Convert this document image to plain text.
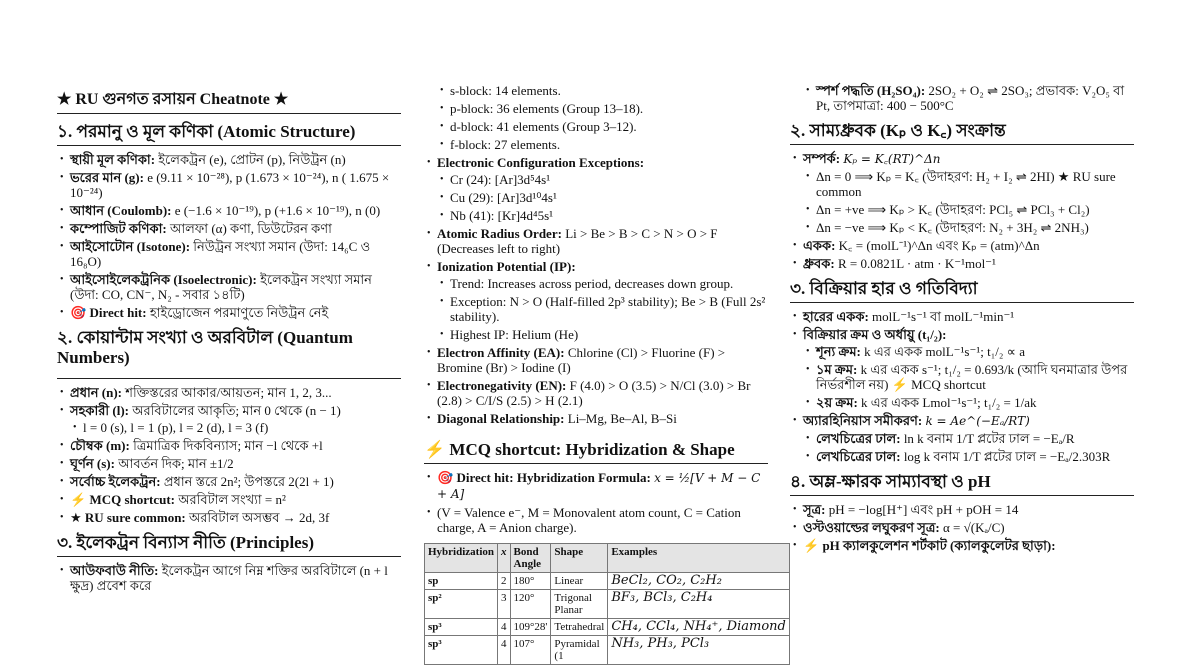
★ RU গুনগত রসায়ন Cheatnote ★
১. পরমানু ও মূল কণিকা (Atomic Structure)
• স্থায়ী মূল কণিকা: ইলেকট্রন (e), প্রোটন (p), নিউট্রন (n)
• ভরের মান (g): e (9.11 × 10⁻²⁸), p (1.673 × 10⁻²⁴), n ( 1.675 × 10⁻²⁴)
• আধান (Coulomb): e (−1.6 × 10⁻¹⁹), p (+1.6 × 10⁻¹⁹), n (0)
• কম্পোজিট কণিকা: আলফা (α) কণা, ডিউটেরন কণা
• আইসোটোন (Isotone): নিউট্রন সংখ্যা সমান (উদা: 14₆C ও 16₈O)
• আইসোইলেকট্রনিক (Isoelectronic): ইলেকট্রন সংখ্যা সমান (উদা: CO, CN⁻, N₂ - সবার ১৪টি)
• 🎯 Direct hit: হাইড্রোজেন পরমাণুতে নিউট্রন নেই
২. কোয়ান্টাম সংখ্যা ও অরবিটাল (Quantum Numbers)
• প্রধান (n): শক্তিস্তরের আকার/আয়তন; মান 1, 2, 3...
• সহকারী (l): অরবিটালের আকৃতি; মান 0 থেকে (n − 1)
• l = 0 (s), l = 1 (p), l = 2 (d), l = 3 (f)
• চৌম্বক (m): ত্রিমাত্রিক দিকবিন্যাস; মান −l থেকে +l
• ঘূর্ণন (s): আবর্তন দিক; মান ±1/2
• সর্বোচ্চ ইলেকট্রন: প্রধান স্তরে 2n²; উপস্তরে 2(2l + 1)
• ⚡ MCQ shortcut: অরবিটাল সংখ্যা = n²
• ★ RU sure common: অরবিটাল অসম্ভব → 2d, 3f
৩. ইলেকট্রন বিন্যাস নীতি (Principles)
• আউফবাউ নীতি: ইলেকট্রন আগে নিম্ন শক্তির অরবিটালে (n + l ক্ষুদ্র) প্রবেশ করে
• s-block: 14 elements.
• p-block: 36 elements (Group 13–18).
• d-block: 41 elements (Group 3–12).
• f-block: 27 elements.
• Electronic Configuration Exceptions:
• Cr (24): [Ar]3d⁵4s¹
• Cu (29): [Ar]3d¹⁰4s¹
• Nb (41): [Kr]4d⁴5s¹
• Atomic Radius Order: Li > Be > B > C > N > O > F (Decreases left to right)
• Ionization Potential (IP):
• Trend: Increases across period, decreases down group.
• Exception: N > O (Half-filled 2p³ stability); Be > B (Full 2s² stability).
• Highest IP: Helium (He)
• Electron Affinity (EA): Chlorine (Cl) > Fluorine (F) > Bromine (Br) > Iodine (I)
• Electronegativity (EN): F (4.0) > O (3.5) > N/Cl (3.0) > Br (2.8) > C/I/S (2.5) > H (2.1)
• Diagonal Relationship: Li–Mg, Be–Al, B–Si
⚡ MCQ shortcut: Hybridization & Shape
• 🎯 Direct hit: Hybridization Formula: x = ½[V + M − C + A]
• (V = Valence e⁻, M = Monovalent atom count, C = Cation charge, A = Anion charge).
Hybridization	x	Bond Angle	Shape	Examples
sp	2	180°	Linear	BeCl₂, CO₂, C₂H₂
sp²	3	120°	Trigonal Planar	BF₃, BCl₃, C₂H₄
sp³	4	109°28'	Tetrahedral	CH₄, CCl₄, NH₄⁺, Diamond
sp³	4	107°	Pyramidal (1	NH₃, PH₃, PCl₃
• স্পর্শ পদ্ধতি (H₂SO₄): 2SO₂ + O₂ ⇌ 2SO₃; প্রভাবক: V₂O₅ বা Pt, তাপমাত্রা: 400 − 500°C
২. সাম্যধ্রুবক (Kₚ ও K꜀) সংক্রান্ত
• সম্পর্ক: Kₚ = K꜀(RT)^Δn
• Δn = 0 ⟹ Kₚ = K꜀ (উদাহরণ: H₂ + I₂ ⇌ 2HI) ★ RU sure common
• Δn = +ve ⟹ Kₚ > K꜀ (উদাহরণ: PCl₅ ⇌ PCl₃ + Cl₂)
• Δn = −ve ⟹ Kₚ < K꜀ (উদাহরণ: N₂ + 3H₂ ⇌ 2NH₃)
• একক: K꜀ = (molL⁻¹)^Δn এবং Kₚ = (atm)^Δn
• ধ্রুবক: R = 0.0821L · atm · K⁻¹mol⁻¹
৩. বিক্রিয়ার হার ও গতিবিদ্যা
• হারের একক: molL⁻¹s⁻¹ বা molL⁻¹min⁻¹
• বিক্রিয়ার ক্রম ও অর্ধায়ু (t₁/₂):
• শূন্য ক্রম: k এর একক molL⁻¹s⁻¹; t₁/₂ ∝ a
• ১ম ক্রম: k এর একক s⁻¹; t₁/₂ = 0.693/k (আদি ঘনমাত্রার উপর নির্ভরশীল নয়) ⚡ MCQ shortcut
• ২য় ক্রম: k এর একক Lmol⁻¹s⁻¹; t₁/₂ = 1/ak
• অ্যারহিনিয়াস সমীকরণ: k = Ae^(−Eₐ/RT)
• লেখচিত্রের ঢাল: ln k বনাম 1/T প্লটের ঢাল = −Eₐ/R
• লেখচিত্রের ঢাল: log k বনাম 1/T প্লটের ঢাল = −Eₐ/2.303R
৪. অম্ল-ক্ষারক সাম্যাবস্থা ও pH
• সূত্র: pH = −log[H⁺] এবং pH + pOH = 14
• ওস্টওয়াল্ডের লঘুকরণ সূত্র: α = √(Kₐ/C)
• ⚡ pH ক্যালকুলেশন শর্টকাট (ক্যালকুলেটর ছাড়া):
